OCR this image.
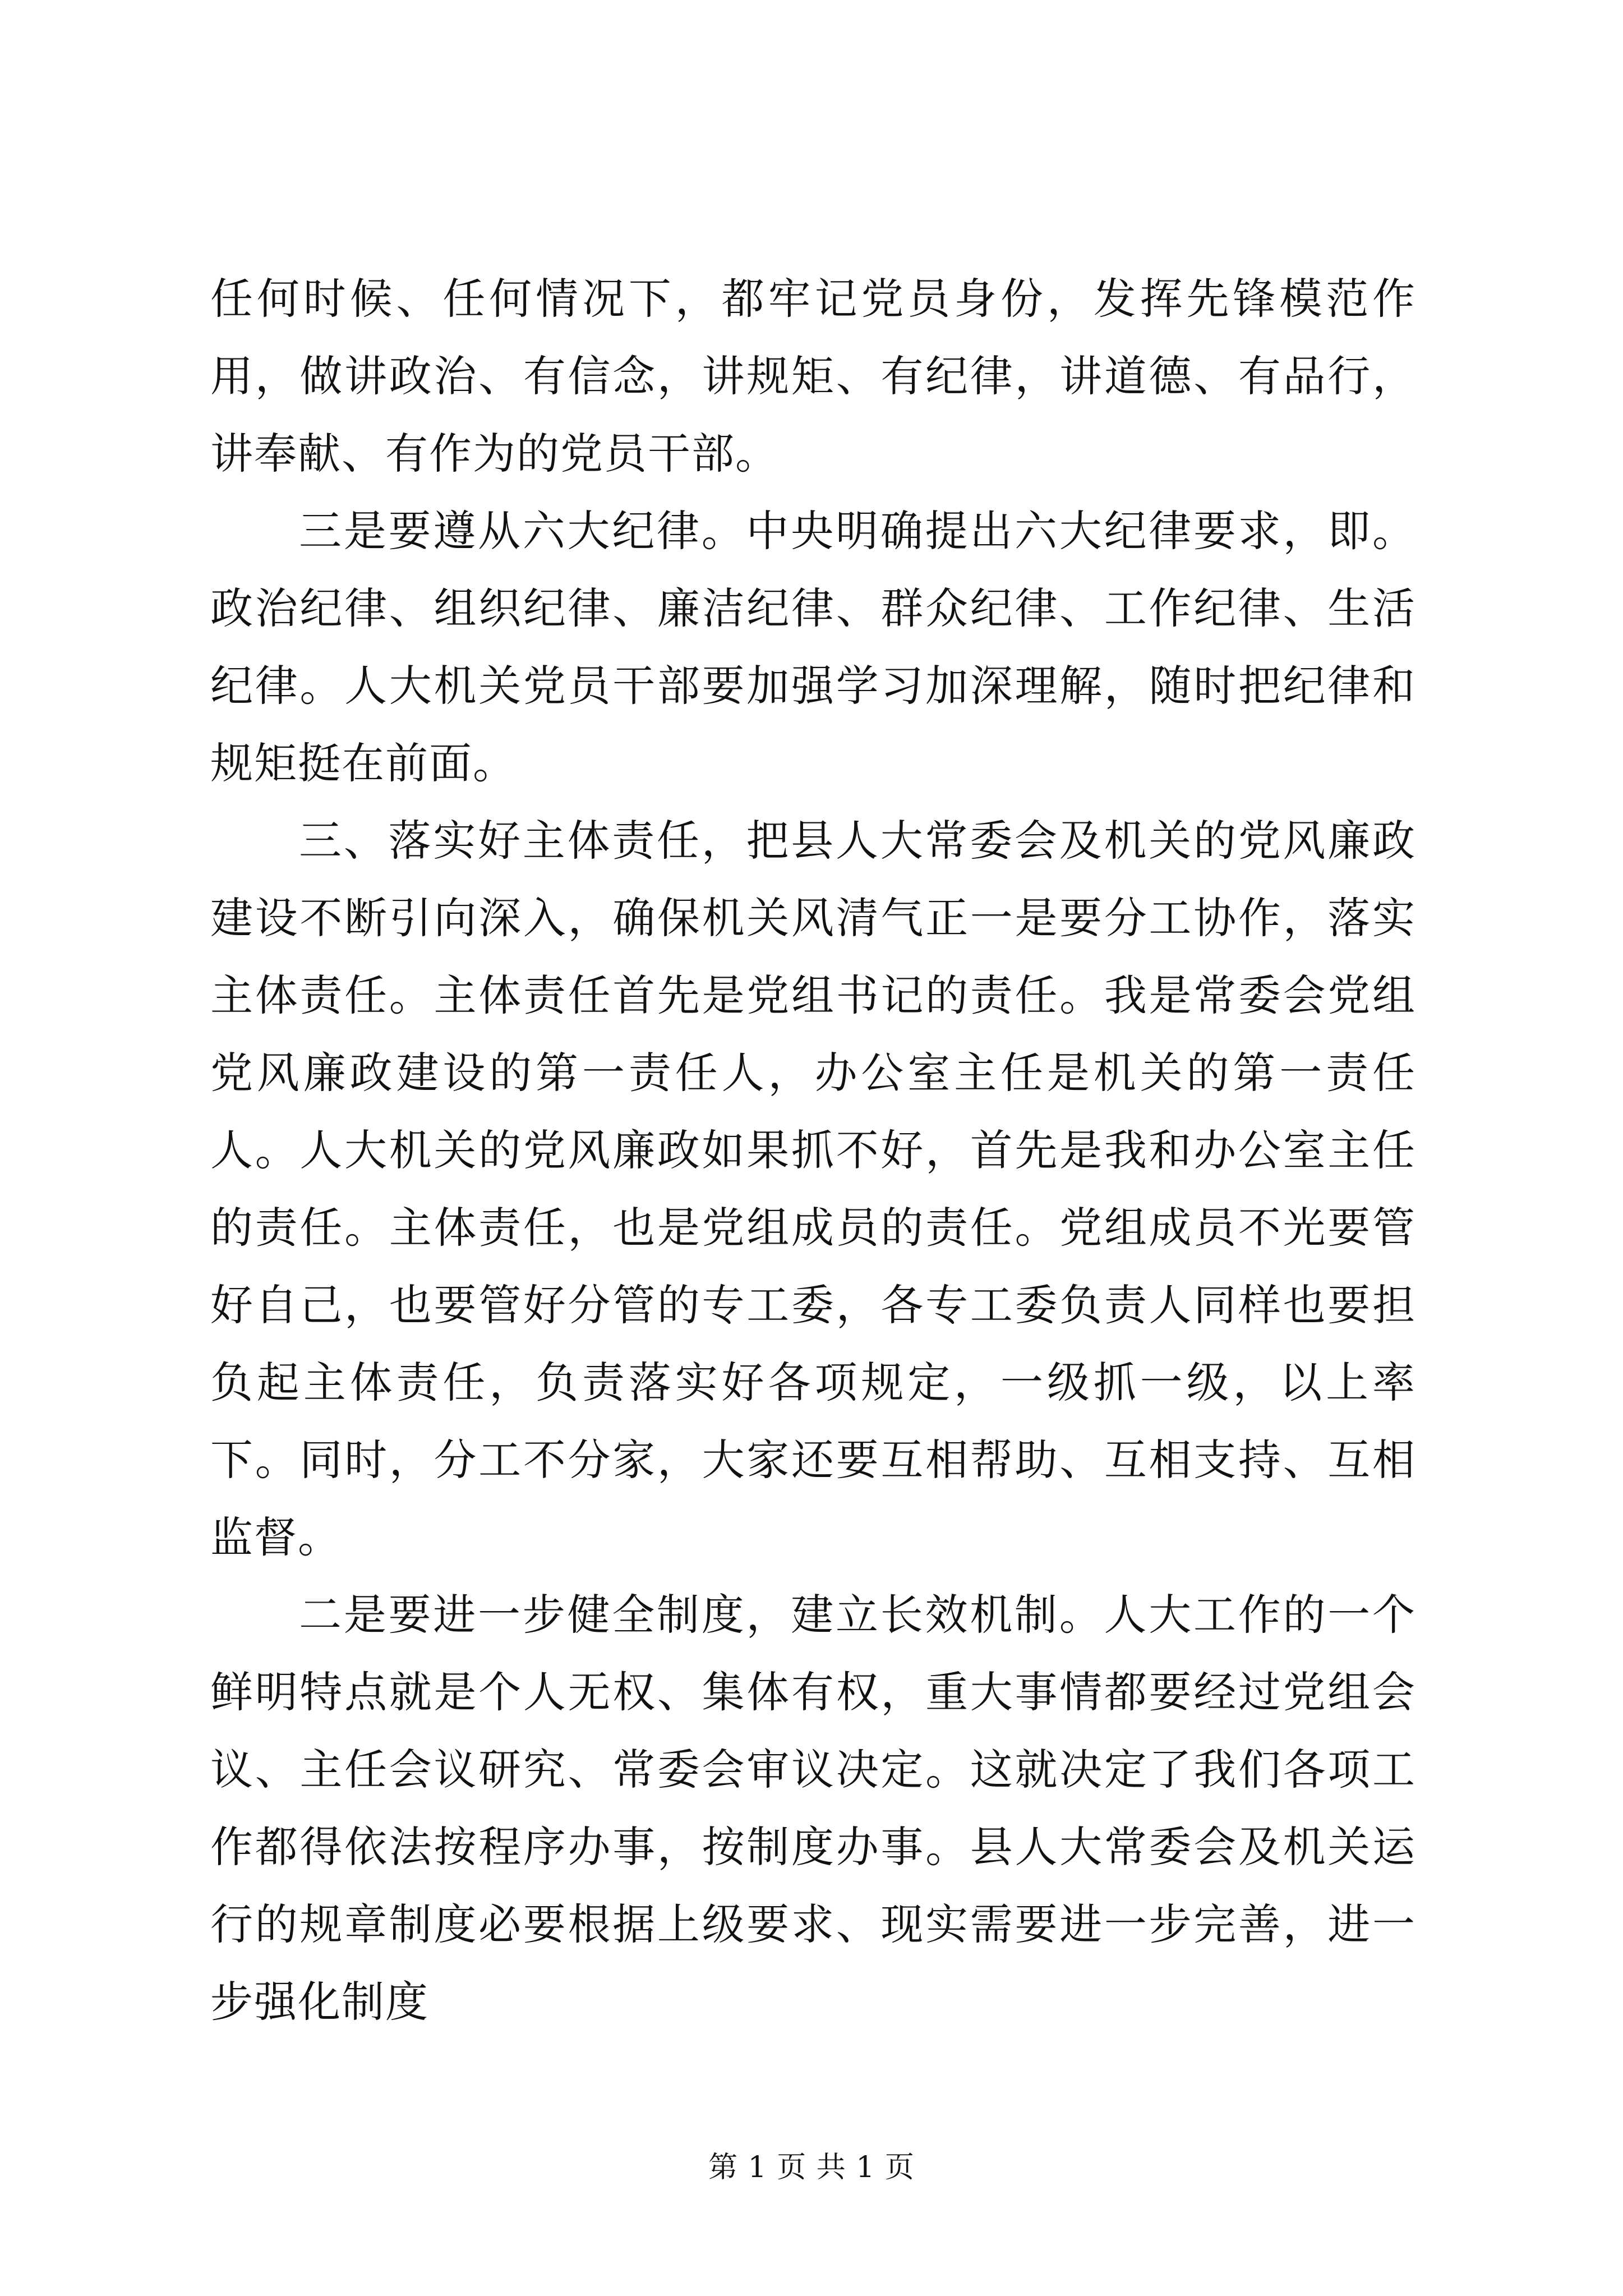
任何时候、任何情况下，都牢记党员身份，发挥先锋模范作用，做讲政治、有信念，讲规矩、有纪律，讲道德、有品行，讲奉献、有作为的党员干部。

三是要遵从六大纪律。中央明确提出六大纪律要求，即。政治纪律、组织纪律、廉洁纪律、群众纪律、工作纪律、生活纪律。人大机关党员干部要加强学习加深理解，随时把纪律和规矩挺在前面。

三、落实好主体责任，把县人大常委会及机关的党风廉政建设不断引向深入，确保机关风清气正一是要分工协作，落实主体责任。主体责任首先是党组书记的责任。我是常委会党组党风廉政建设的第一责任人，办公室主任是机关的第一责任人。人大机关的党风廉政如果抓不好，首先是我和办公室主任的责任。主体责任，也是党组成员的责任。党组成员不光要管好自己，也要管好分管的专工委，各专工委负责人同样也要担负起主体责任，负责落实好各项规定，一级抓一级，以上率下。同时，分工不分家，大家还要互相帮助、互相支持、互相监督。

二是要进一步健全制度，建立长效机制。人大工作的一个鲜明特点就是个人无权、集体有权，重大事情都要经过党组会议、主任会议研究、常委会审议决定。这就决定了我们各项工作都得依法按程序办事，按制度办事。县人大常委会及机关运行的规章制度必要根据上级要求、现实需要进一步完善，进一步强化制度

第 1 页 共 1 页
